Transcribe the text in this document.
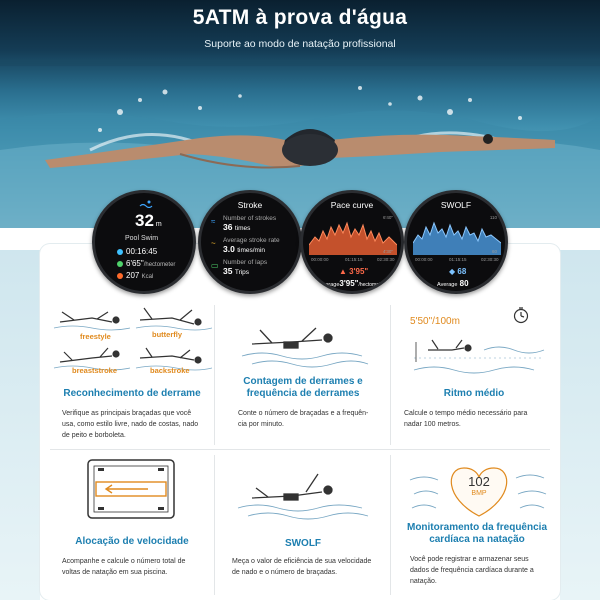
5ATM à prova d'água
Suporte ao modo de natação profissional
32 m
Pool Swim
00:16:45
6'65"/hectometer
207 Kcal
Stroke
≈ Number of strokes
36 times
~ Average stroke rate
3.0 times/min
▭ Number of laps
35 Trips
Pace curve
6'40"
4'30"
00:00:00	01:15:15	02:30:30
▲ 3'95"
Average3'95"/hectometer
SWOLF
110
60
00:00:00	01:15:15	02:30:30
◆ 68
Average 80
freestyle	butterfly
breaststroke	backstroke
Reconhecimento de derrame
Verifique as principais braçadas que você
usa, como estilo livre, nado de costas, nado
de peito e borboleta.
Contagem de derrames e
frequência de derrames
Conte o número de braçadas e a frequên-
cia por minuto.
5'50"/100m
Ritmo médio
Calcule o tempo médio necessário para
nadar 100 metros.
Alocação de velocidade
Acompanhe e calcule o número total de
voltas de natação em sua piscina.
SWOLF
Meça o valor de eficiência de sua velocidade
de nado e o número de braçadas.
102
BMP
Monitoramento da frequência
cardíaca na natação
Você pode registrar e armazenar seus
dados de frequência cardíaca durante a
natação.
